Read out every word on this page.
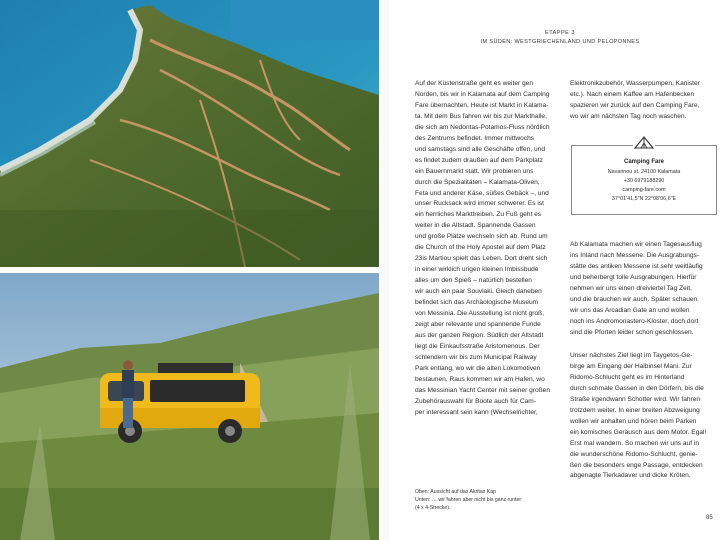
ETAPPE 3
IM SÜDEN: WESTGRIECHENLAND UND PELOPONNES
Auf der Küstenstraße geht es weiter gen
Norden, bis wir in Kalamata auf dem Camping
Fare übernachten. Heute ist Markt in Kalama-
ta. Mit dem Bus fahren wir bis zur Markthalle,
die sich am Nedontas-Potamos-Fluss nördlich
des Zentrums befindet. Immer mittwochs
und samstags sind alle Geschäfte offen, und
es findet zudem draußen auf dem Parkplatz
ein Bauernmarkt statt. Wir probieren uns
durch die Spezialitäten – Kalamata-Oliven,
Feta und anderer Käse, süßes Gebäck –, und
unser Rucksack wird immer schwerer. Es ist
ein herrliches Markttreiben. Zu Fuß geht es
weiter in die Altstadt. Spannende Gassen
und große Plätze wechseln sich ab. Rund um
die Church of the Holy Apostel auf dem Platz
23is Martiou spielt das Leben. Dort dreht sich
in einer wirklich urigen kleinen Imbissbude
alles um den Spieß – natürlich bestellen
wir auch ein paar Souvlaki. Gleich daneben
befindet sich das Archäologische Museum
von Messinia. Die Ausstellung ist nicht groß,
zeigt aber relevante und spannende Funde
aus der ganzen Region. Südlich der Altstadt
liegt die Einkaufsstraße Aristomenous. Der
schlendern wir bis zum Municipal Railway
Park entlang, wo wir die alten Lokomotiven
bestaunen. Raus kommen wir am Hafen, wo
das Messinian Yacht Center mit seiner großen
Zubehörauswahl für Boote auch für Cam-
per interessant sein kann (Wechselrichter,
Elektronikzubehör, Wasserpumpen, Kanister
etc.). Nach einem Kaffee am Hafenbecken
spazieren wir zurück auf den Camping Fare,
wo wir am nächsten Tag noch waschen.
Camping Fare
Navarinou st. 24100 Kalamata
+30 6979188290
camping-fare.com
37°01'41,5"N 22°08'06,6"E
Ab Kalamata machen wir einen Tagesausflug
ins Inland nach Messene. Die Ausgrabungs-
stätte des antiken Messene ist sehr weitläufig
und beherbergt tolle Ausgrabungen. Hierfür
nehmen wir uns einen dreiviertel Tag Zeit,
und die brauchen wir auch. Später schauen
wir uns das Arcadian Gate an und wollen
noch ins Andromonastero-Kloster, doch dort
sind die Pforten leider schon geschlossen.
Unser nächstes Ziel liegt im Taygetos-Ge-
birge am Eingang der Halbinsel Mani. Zur
Ridomo-Schlucht geht es im Hinterland
durch schmale Gassen in den Dörfern, bis die
Straße irgendwann Schotter wird. Wir fahren
trotzdem weiter. In einer breiten Abzweigung
wollen wir anhalten und hören beim Parken
ein komisches Geräusch aus dem Motor. Egal!
Erst mal wandern. So machen wir uns auf in
die wunderschöne Ridomo-Schlucht, genie-
ßen die besonders enge Passage, entdecken
abgenagte Tierkadaver und dicke Kröten.
Oben: Aussicht auf das Akritas Kap
Unten: … wir fahren aber nicht bis ganz runter
(4 x 4-Strecke).
85
